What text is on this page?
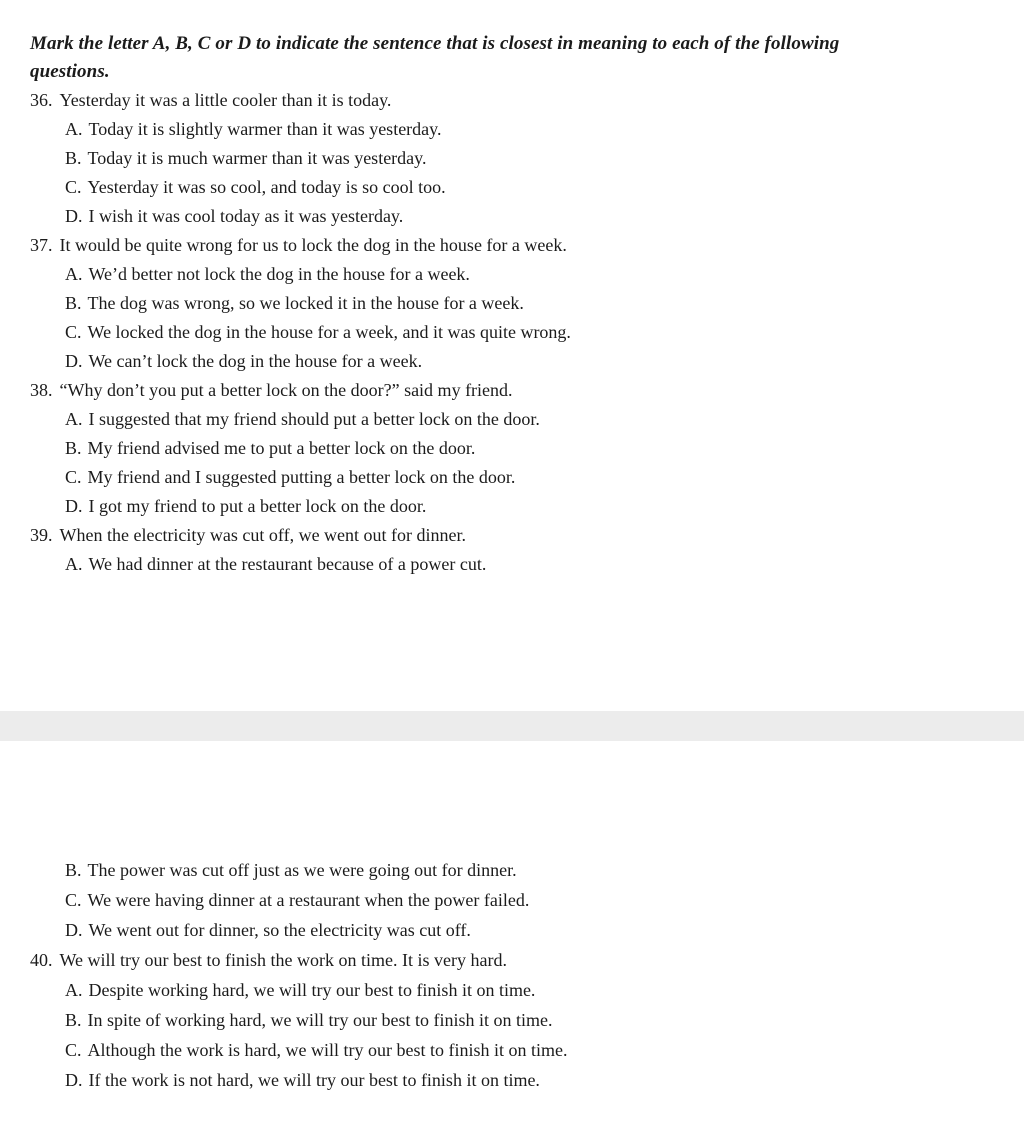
Mark the letter A, B, C or D to indicate the sentence that is closest in meaning to each of the following
questions.
36. Yesterday it was a little cooler than it is today.
A. Today it is slightly warmer than it was yesterday.
B. Today it is much warmer than it was yesterday.
C. Yesterday it was so cool, and today is so cool too.
D. I wish it was cool today as it was yesterday.
37. It would be quite wrong for us to lock the dog in the house for a week.
A. We’d better not lock the dog in the house for a week.
B. The dog was wrong, so we locked it in the house for a week.
C. We locked the dog in the house for a week, and it was quite wrong.
D. We can’t lock the dog in the house for a week.
38. “Why don’t you put a better lock on the door?” said my friend.
A. I suggested that my friend should put a better lock on the door.
B. My friend advised me to put a better lock on the door.
C. My friend and I suggested putting a better lock on the door.
D. I got my friend to put a better lock on the door.
39. When the electricity was cut off, we went out for dinner.
A. We had dinner at the restaurant because of a power cut.
B. The power was cut off just as we were going out for dinner.
C. We were having dinner at a restaurant when the power failed.
D. We went out for dinner, so the electricity was cut off.
40. We will try our best to finish the work on time. It is very hard.
A. Despite working hard, we will try our best to finish it on time.
B. In spite of working hard, we will try our best to finish it on time.
C. Although the work is hard, we will try our best to finish it on time.
D. If the work is not hard, we will try our best to finish it on time.
